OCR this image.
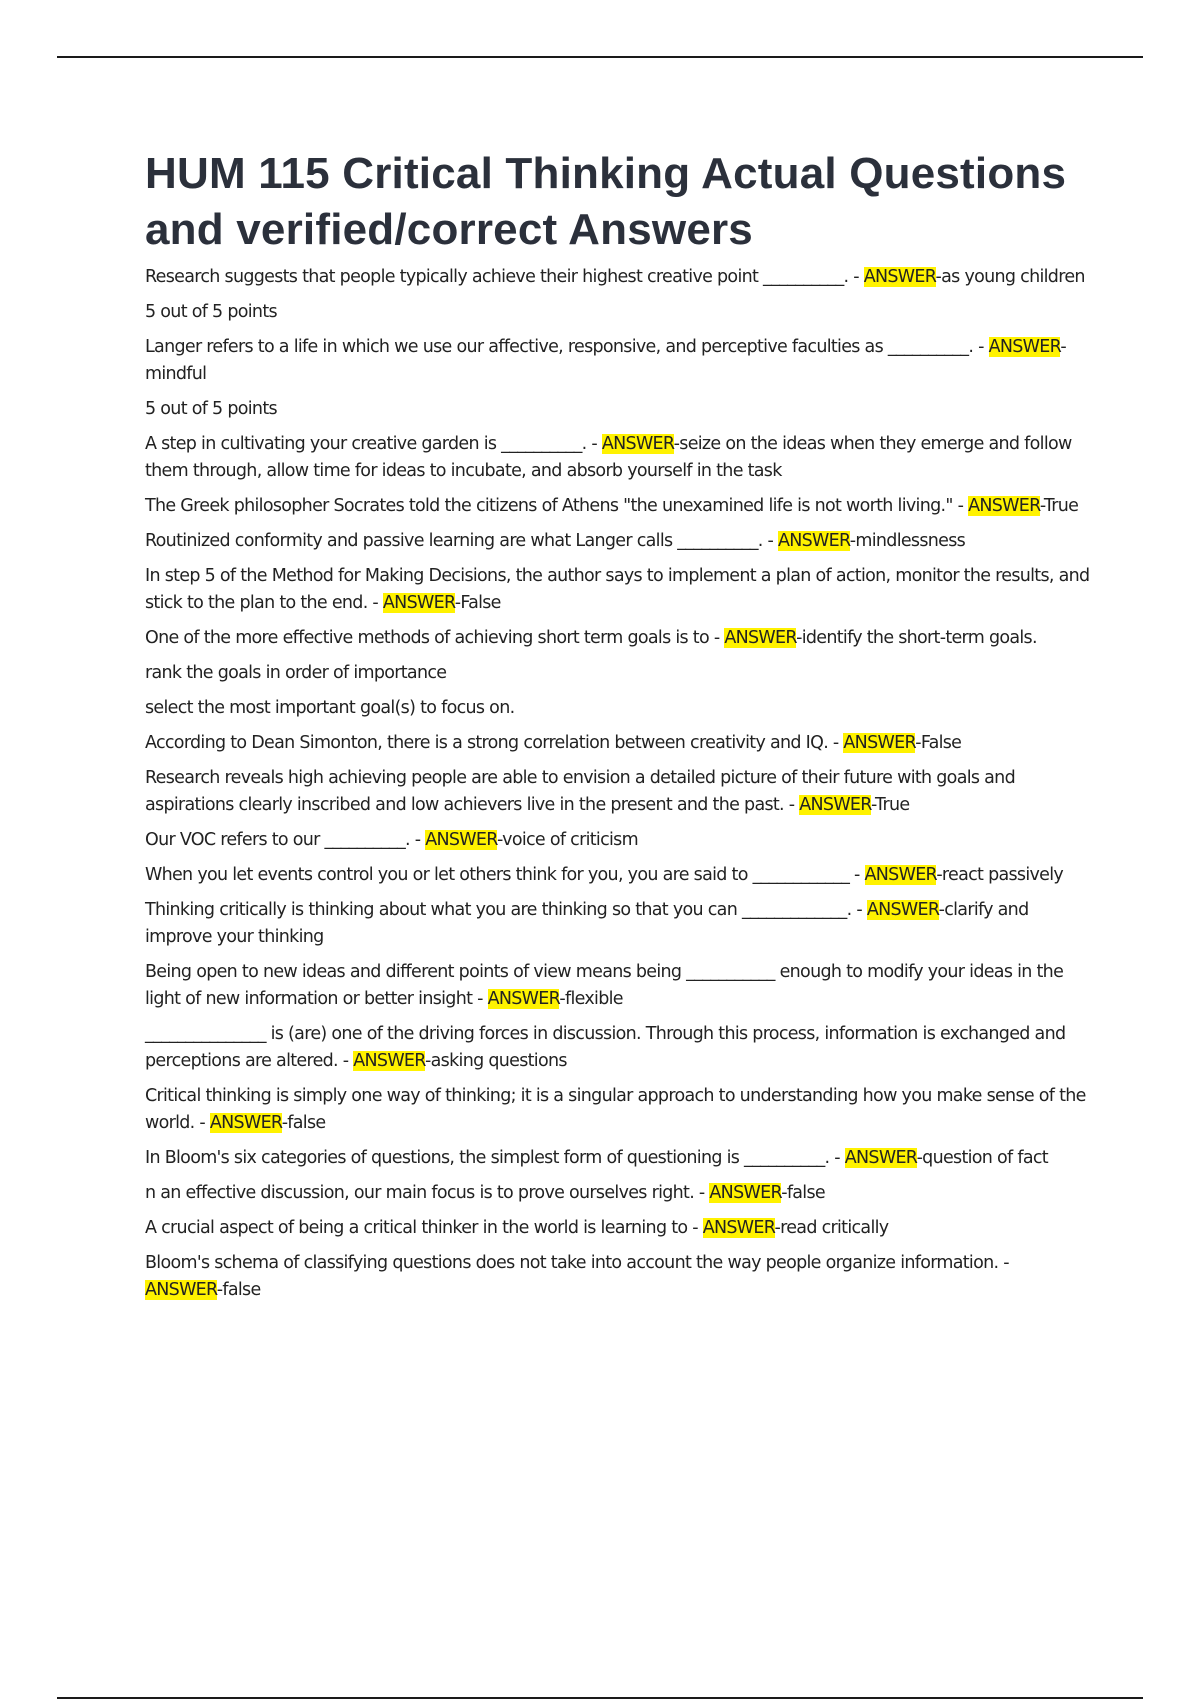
HUM 115 Critical Thinking Actual Questions and verified/correct Answers

Research suggests that people typically achieve their highest creative point __________. - ANSWER-as young children

5 out of 5 points

Langer refers to a life in which we use our affective, responsive, and perceptive faculties as __________. - ANSWER-mindful

5 out of 5 points

A step in cultivating your creative garden is __________. - ANSWER-seize on the ideas when they emerge and follow them through, allow time for ideas to incubate, and absorb yourself in the task

The Greek philosopher Socrates told the citizens of Athens "the unexamined life is not worth living." - ANSWER-True

Routinized conformity and passive learning are what Langer calls __________. - ANSWER-mindlessness

In step 5 of the Method for Making Decisions, the author says to implement a plan of action, monitor the results, and stick to the plan to the end. - ANSWER-False

One of the more effective methods of achieving short term goals is to - ANSWER-identify the short-term goals.

rank the goals in order of importance

select the most important goal(s) to focus on.

According to Dean Simonton, there is a strong correlation between creativity and IQ. - ANSWER-False

Research reveals high achieving people are able to envision a detailed picture of their future with goals and aspirations clearly inscribed and low achievers live in the present and the past. - ANSWER-True

Our VOC refers to our __________. - ANSWER-voice of criticism

When you let events control you or let others think for you, you are said to ____________ - ANSWER-react passively

Thinking critically is thinking about what you are thinking so that you can _____________. - ANSWER-clarify and improve your thinking

Being open to new ideas and different points of view means being ___________ enough to modify your ideas in the light of new information or better insight - ANSWER-flexible

_______________ is (are) one of the driving forces in discussion. Through this process, information is exchanged and perceptions are altered. - ANSWER-asking questions

Critical thinking is simply one way of thinking; it is a singular approach to understanding how you make sense of the world. - ANSWER-false

In Bloom's six categories of questions, the simplest form of questioning is __________. - ANSWER-question of fact

n an effective discussion, our main focus is to prove ourselves right. - ANSWER-false

A crucial aspect of being a critical thinker in the world is learning to - ANSWER-read critically

Bloom's schema of classifying questions does not take into account the way people organize information. - ANSWER-false
